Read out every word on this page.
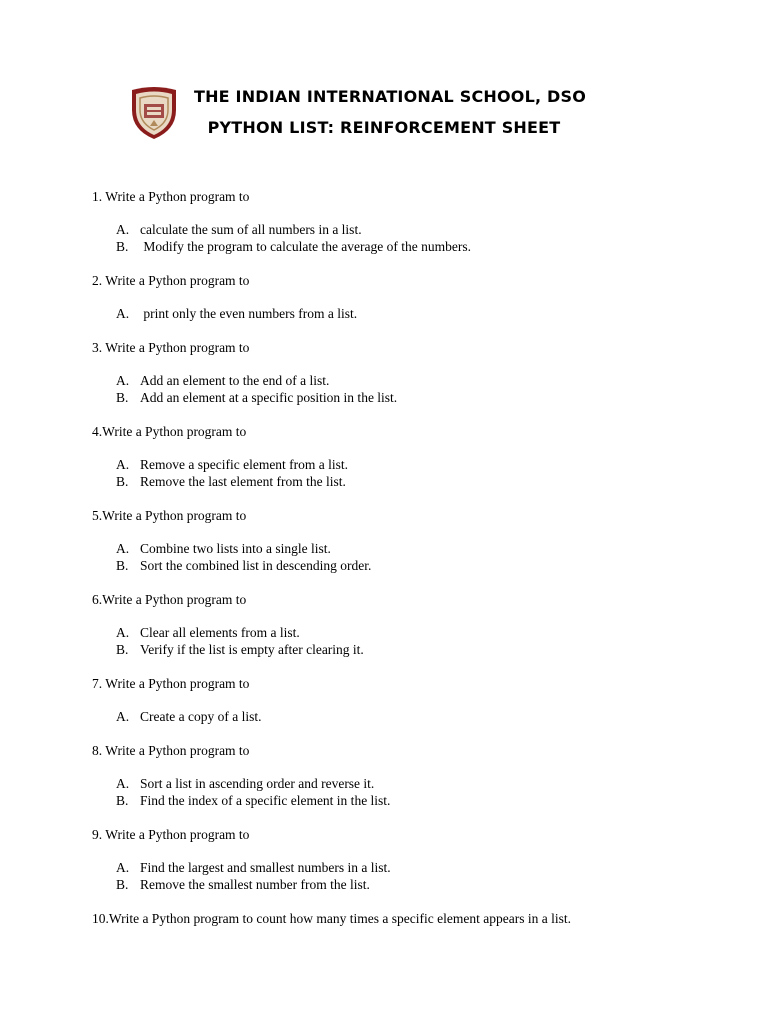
THE INDIAN INTERNATIONAL SCHOOL, DSO
PYTHON LIST: REINFORCEMENT SHEET
1. Write a Python program to
A. calculate the sum of all numbers in a list.
B. Modify the program to calculate the average of the numbers.
2. Write a Python program to
A. print only the even numbers from a list.
3. Write a Python program to
A. Add an element to the end of a list.
B. Add an element at a specific position in the list.
4.Write a Python program to
A. Remove a specific element from a list.
B. Remove the last element from the list.
5.Write a Python program to
A. Combine two lists into a single list.
B. Sort the combined list in descending order.
6.Write a Python program to
A. Clear all elements from a list.
B. Verify if the list is empty after clearing it.
7. Write a Python program to
A. Create a copy of a list.
8. Write a Python program to
A. Sort a list in ascending order and reverse it.
B. Find the index of a specific element in the list.
9. Write a Python program to
A. Find the largest and smallest numbers in a list.
B. Remove the smallest number from the list.
10.Write a Python program to count how many times a specific element appears in a list.
